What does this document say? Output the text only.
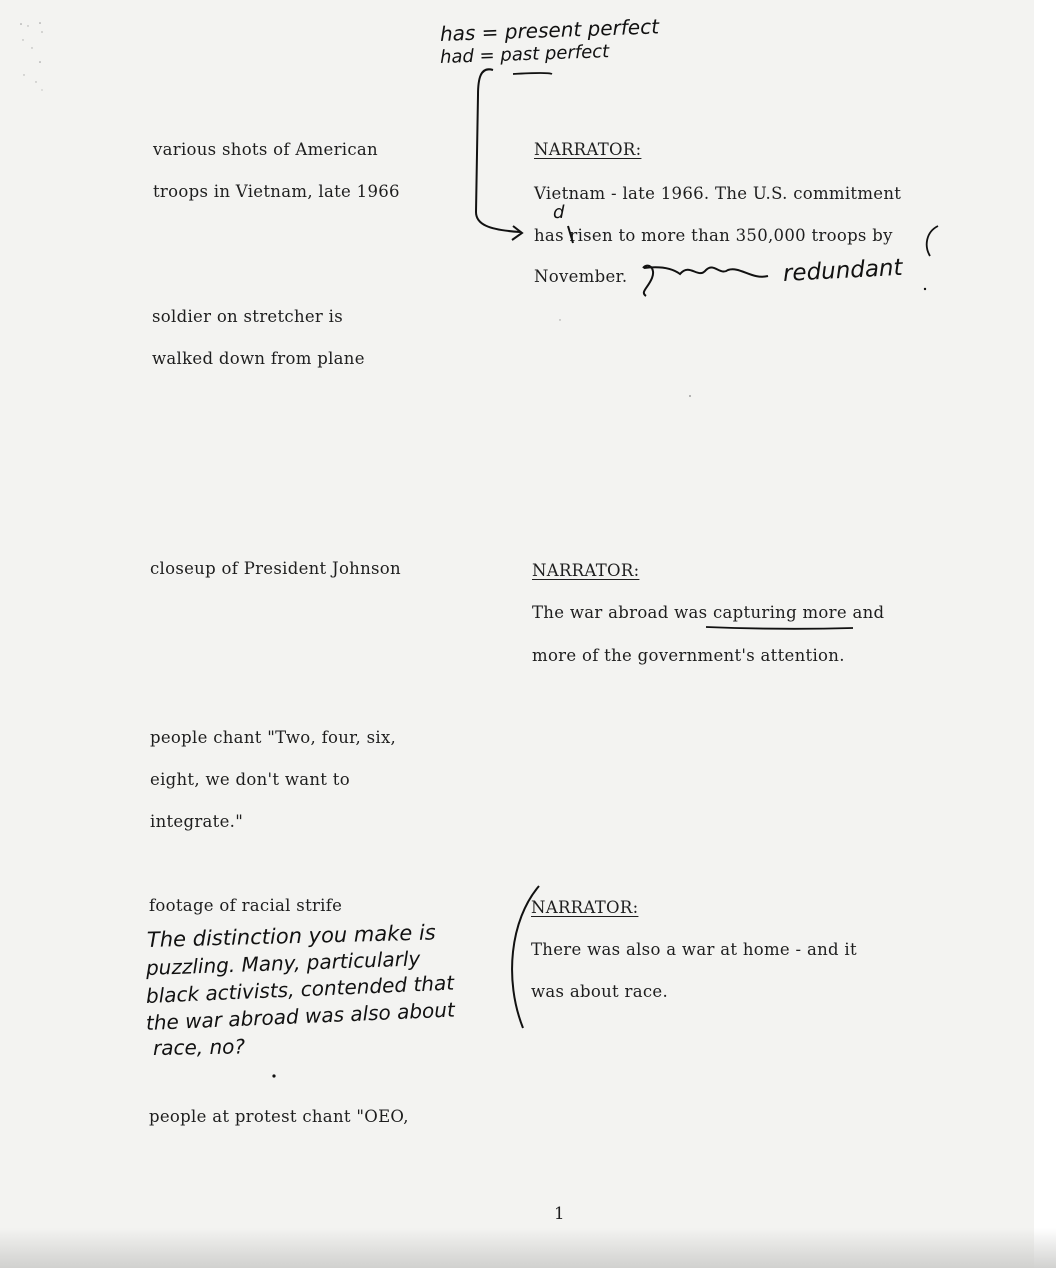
various shots of American
troops in Vietnam, late 1966
soldier on stretcher is
walked down from plane
closeup of President Johnson
people chant "Two, four, six,
eight, we don't want to
integrate."
footage of racial strife
people at protest chant "OEO,
NARRATOR:
Vietnam - late 1966. The U.S. commitment
has risen to more than 350,000 troops by
November.
NARRATOR:
The war abroad was capturing more and
more of the government's attention.
NARRATOR:
There was also a war at home - and it
was about race.
1
has = present perfect
had = past perfect
d
redundant
The distinction you make is
puzzling. Many, particularly
black activists, contended that
the war abroad was also about
race, no?
